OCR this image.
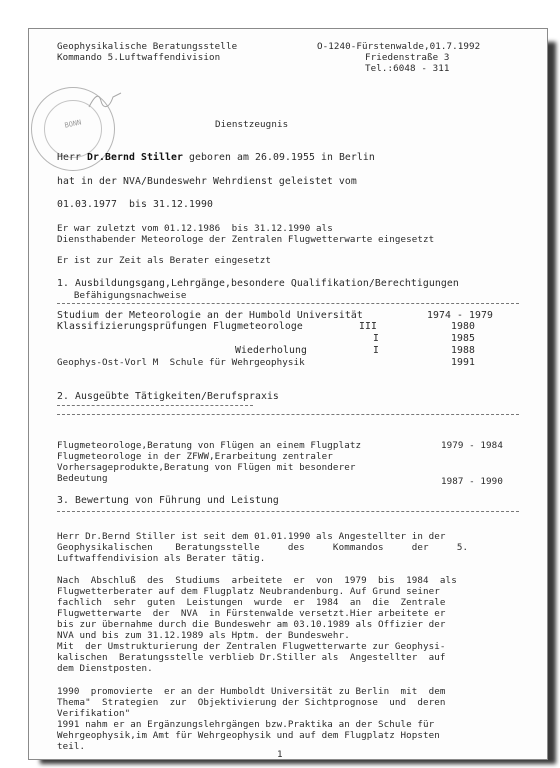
Geophysikalische Beratungsstelle
Kommando 5.Luftwaffendivision
O-1240-Fürstenwalde,01.7.1992
Friedenstraße 3
Tel.:6048 - 311
BONN	Dienstzeugnis
Herr Dr.Bernd Stiller geboren am 26.09.1955 in Berlin
hat in der NVA/Bundeswehr Wehrdienst geleistet vom
01.03.1977  bis 31.12.1990
Er war zuletzt vom 01.12.1986  bis 31.12.1990 als
Diensthabender Meteorologe der Zentralen Flugwetterwarte eingesetzt
Er ist zur Zeit als Berater eingesetzt
1. Ausbildungsgang,Lehrgänge,besondere Qualifikation/Berechtigungen
Befähigungsnachweise
Studium der Meteorologie an der Humbold Universität	1974 - 1979
Klassifizierungsprüfungen Flugmeteorologe	III	1980
I	1985
Wiederholung	I	1988
Geophys-Ost-Vorl M  Schule für Wehrgeophysik	1991
2. Ausgeübte Tätigkeiten/Berufspraxis
Flugmeteorologe,Beratung von Flügen an einem Flugplatz	1979 - 1984
Flugmeteorologe in der ZFWW,Erarbeitung zentraler
Vorhersageprodukte,Beratung von Flügen mit besonderer
Bedeutung	1987 - 1990
3. Bewertung von Führung und Leistung
Herr Dr.Bernd Stiller ist seit dem 01.01.1990 als Angestellter in der
Geophysikalischen    Beratungsstelle     des     Kommandos     der     5.
Luftwaffendivision als Berater tätig.
Nach  Abschluß  des  Studiums  arbeitete  er  von  1979  bis  1984  als
Flugwetterberater auf dem Flugplatz Neubrandenburg. Auf Grund seiner
fachlich  sehr  guten  Leistungen  wurde  er  1984  an  die  Zentrale
Flugwetterwarte  der  NVA  in Fürstenwalde versetzt.Hier arbeitete er
bis zur übernahme durch die Bundeswehr am 03.10.1989 als Offizier der
NVA und bis zum 31.12.1989 als Hptm. der Bundeswehr.
Mit  der Umstrukturierung der Zentralen Flugwetterwarte zur Geophysi-
kalischen  Beratungsstelle verblieb Dr.Stiller als  Angestellter  auf
dem Dienstposten.
1990  promovierte  er an der Humboldt Universität zu Berlin  mit  dem
Thema"  Strategien  zur  Objektivierung der Sichtprognose  und  deren
Verifikation"
1991 nahm er an Ergänzungslehrgängen bzw.Praktika an der Schule für
Wehrgeophysik,im Amt für Wehrgeophysik und auf dem Flugplatz Hopsten
teil.
1
